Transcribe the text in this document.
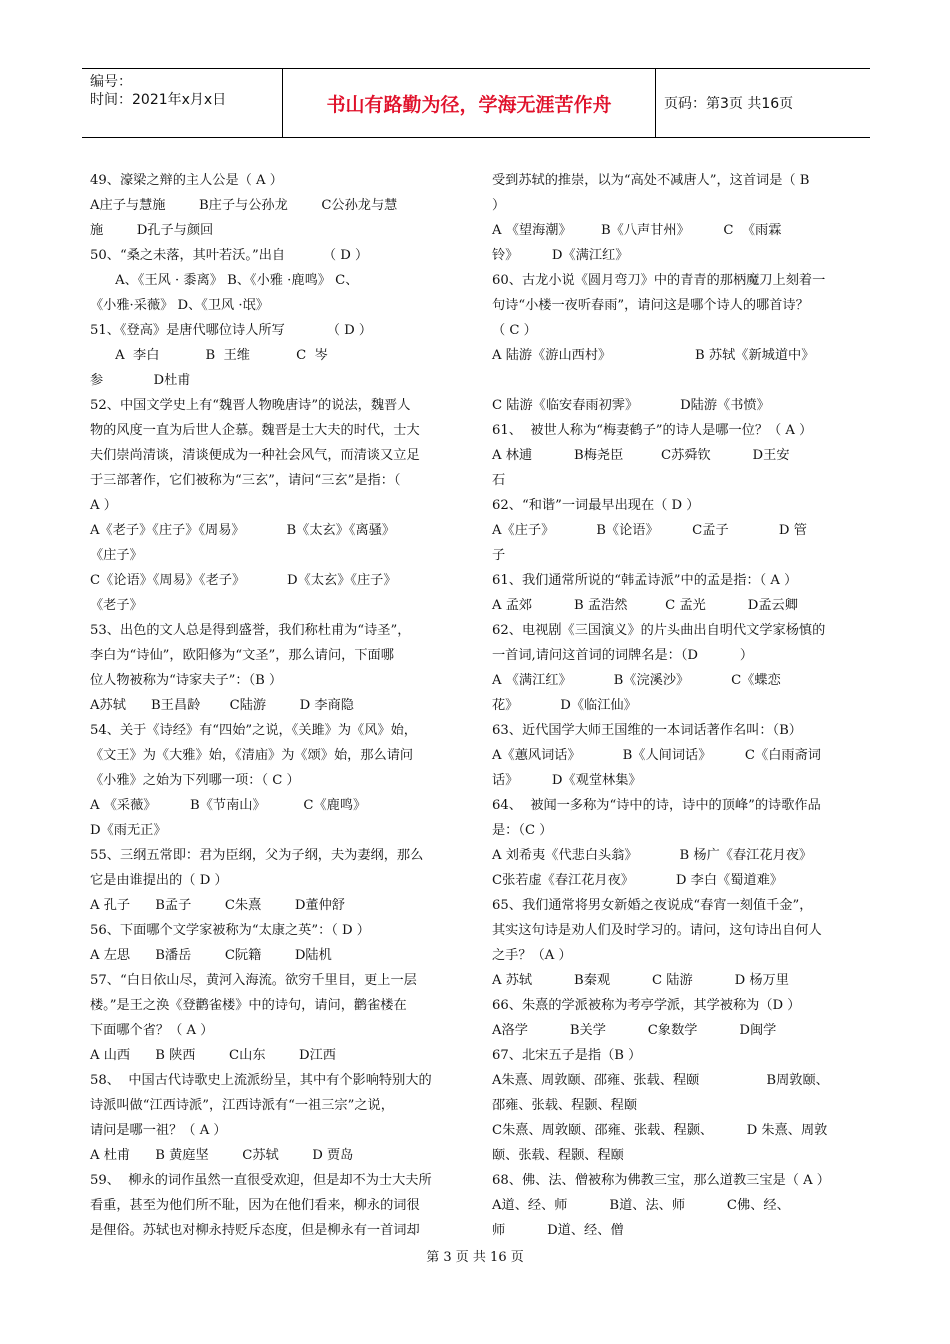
编号：
时间：2021年x月x日	书山有路勤为径，学海无涯苦作舟	页码：第3页 共16页

49、濠梁之辩的主人公是（ A ）

A庄子与慧施        B庄子与公孙龙        C公孙龙与慧

施        D孔子与颜回

50、“桑之未落，其叶若沃。”出自         （ D ）

A、《王风 · 黍离》 B、《小雅 ·鹿鸣》 C、

《小雅·采薇》 D、《卫风 ·氓》

51、《登高》是唐代哪位诗人所写          （ D ）

A  李白           B  王维           C  岑

参            D杜甫

52、中国文学史上有“魏晋人物晚唐诗”的说法，魏晋人

物的风度一直为后世人企慕。魏晋是士大夫的时代，士大

夫们崇尚清谈，清谈便成为一种社会风气，而清谈又立足

于三部著作，它们被称为“三玄”，请问“三玄”是指：（

A ）

A《老子》《庄子》《周易》          B《太玄》《离骚》

《庄子》

C《论语》《周易》《老子》          D《太玄》《庄子》

《老子》

53、出色的文人总是得到盛誉，我们称杜甫为“诗圣”，

李白为“诗仙”，欧阳修为“文圣”，那么请问，下面哪

位人物被称为“诗家夫子”：（B ）

A苏轼      B王昌龄       C陆游        D 李商隐

54、关于《诗经》有“四始”之说，《关雎》为《风》始，

《文王》为《大雅》始，《清庙》为《颂》始，那么请问

《小雅》之始为下列哪一项：（ C ）

A 《采薇》        B《节南山》         C《鹿鸣》

D《雨无正》

55、三纲五常即：君为臣纲，父为子纲，夫为妻纲，那么

它是由谁提出的（ D ）

A 孔子      B孟子        C朱熹        D董仲舒

56、下面哪个文学家被称为“太康之英”：（ D ）

A 左思      B潘岳        C阮籍        D陆机

57、“白日依山尽，黄河入海流。欲穷千里目，更上一层

楼。”是王之涣《登鹳雀楼》中的诗句，请问，鹳雀楼在

下面哪个省？（ A ）

A 山西      B 陕西        C山东        D江西

58、  中国古代诗歌史上流派纷呈，其中有个影响特别大的

诗派叫做“江西诗派”，江西诗派有“一祖三宗”之说，

请问是哪一祖？（ A ）

A 杜甫      B 黄庭坚        C苏轼        D 贾岛

59、  柳永的词作虽然一直很受欢迎，但是却不为士大夫所

看重，甚至为他们所不耻，因为在他们看来，柳永的词很

是俚俗。苏轼也对柳永持贬斥态度，但是柳永有一首词却

受到苏轼的推崇，以为“高处不减唐人”，这首词是（ B

）

A 《望海潮》       B《八声甘州》        C  《雨霖

铃》        D《满江红》

60、古龙小说《圆月弯刀》中的青青的那柄魔刀上刻着一

句诗“小楼一夜听春雨”，请问这是哪个诗人的哪首诗？

（ C ）

A 陆游《游山西村》                    B 苏轼《新城道中》

C 陆游《临安春雨初霁》          D陆游《书愤》

61、  被世人称为“梅妻鹤子”的诗人是哪一位？（ A ）

A 林逋          B梅尧臣         C苏舜钦          D王安

石

62、“和谐”一词最早出现在（ D ）

A《庄子》          B《论语》        C孟子            D 管

子

61、我们通常所说的“韩孟诗派”中的孟是指：（ A ）

A 孟郊          B 孟浩然         C 孟光          D孟云卿

62、电视剧《三国演义》的片头曲出自明代文学家杨慎的

一首词,请问这首词的词牌名是：（D          ）

A 《满江红》          B《浣溪沙》          C《蝶恋

花》          D《临江仙》

63、近代国学大师王国维的一本词话著作名叫：（B）

A《蕙风词话》          B《人间词话》        C《白雨斋词

话》        D《观堂林集》

64、  被闻一多称为“诗中的诗，诗中的顶峰”的诗歌作品

是：（C ）

A 刘希夷《代悲白头翁》          B 杨广《春江花月夜》

C张若虚《春江花月夜》          D 李白《蜀道难》

65、我们通常将男女新婚之夜说成“春宵一刻值千金”，

其实这句诗是劝人们及时学习的。请问，这句诗出自何人

之手？（A ）

A 苏轼          B秦观          C 陆游          D 杨万里

66、朱熹的学派被称为考亭学派，其学被称为（D ）

A洛学          B关学          C象数学          D闽学

67、北宋五子是指（B ）

A朱熹、周敦颐、邵雍、张载、程颐                B周敦颐、

邵雍、张载、程颢、程颐

C朱熹、周敦颐、邵雍、张载、程颢、        D 朱熹、周敦

颐、张载、程颢、程颐

68、佛、法、僧被称为佛教三宝，那么道教三宝是（ A ）

A道、经、师          B道、法、师          C佛、经、

师          D道、经、僧

第 3 页 共 16 页
